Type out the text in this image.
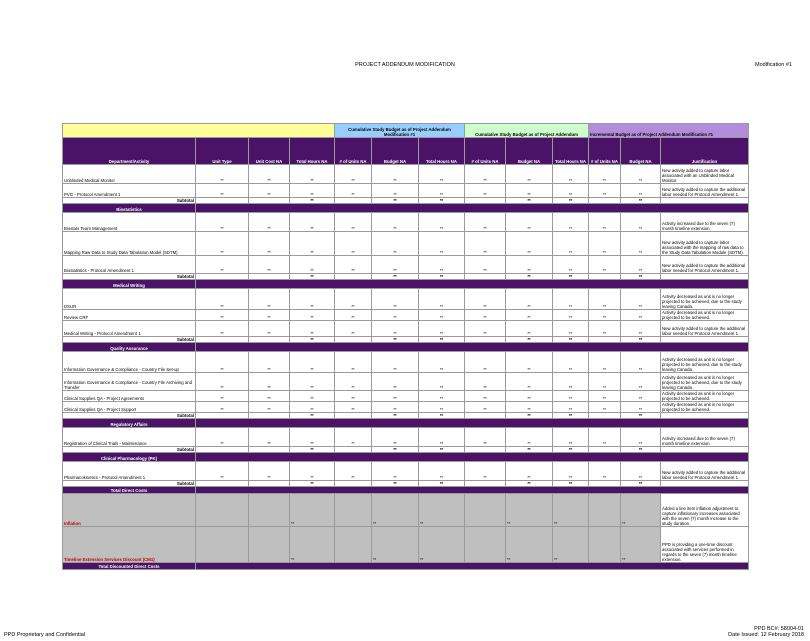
PROJECT ADDENDUM MODIFICATION	Modification #1
				Cumulative Study Budget as of Project Addendum Modification #1			Cumulative Study Budget as of Project Addendum			Incremental Budget as of Project Addendum Modification #1		
Department/Activity	Unit Type	Unit Cost NA	Total Hours NA	# of Units NA	Budget NA	Total Hours NA	# of Units NA	Budget NA	Total Hours NA	# of Units NA	Budget NA	Justification
Unblinded Medical Monitor	**	**	**	**	**	**	**	**	**	**	**	New activity added to capture labor associated with an Unblinded Medical Monitor.
PVG - Protocol Amendment 1	**	**	**	**	**	**	**	**	**	**	**	New activity added to capture the additional labor needed for Protocol Amendment 1.
Subtotal			**		**	**		**	**		**	
Biostatistics												
Biostats Team Management	**	**	**	**	**	**	**	**	**	**	**	Activity increased due to the seven (7) month timeline extension.
Mapping Raw Data to Study Data Tabulation Model (SDTM)	**	**	**	**	**	**	**	**	**	**	**	New activity added to capture labor associated with the mapping of raw data to the Study Data Tabulation Module (SDTM).
Biostatistics - Protocol Amendment 1	**	**	**	**	**	**	**	**	**	**	**	New activity added to capture the additional labor needed for Protocol Amendment 1.
Subtotal			**		**	**		**	**		**	
Medical Writing												
DSUR	**	**	**	**	**	**	**	**	**	**	**	Activity decreased as unit is no longer projected to be achieved, due to the study leaving Canada.
Review CRF	**	**	**	**	**	**	**	**	**	**	**	Activity decreased as unit is no longer projected to be achieved.
Medical Writing - Protocol Amendment 1	**	**	**	**	**	**	**	**	**	**	**	New activity added to capture the additional labor needed for Protocol Amendment 1.
Subtotal			**		**	**		**	**		**	
Quality Assurance												
Information Governance & Compliance - Country File Set-up	**	**	**	**	**	**	**	**	**	**	**	Activity decreased as unit is no longer projected to be achieved, due to the study leaving Canada.
Information Governance & Compliance - Country File Archiving and Transfer	**	**	**	**	**	**	**	**	**	**	**	Activity decreased as unit is no longer projected to be achieved, due to the study leaving Canada.
Clinical Supplies QA - Project Agreements	**	**	**	**	**	**	**	**	**	**	**	Activity decreased as unit is no longer projected to be achieved.
Clinical Supplies QA - Project Support	**	**	**	**	**	**	**	**	**	**	**	Activity decreased as unit is no longer projected to be achieved.
Subtotal			**		**	**		**	**		**	
Regulatory Affairs												
Registration of Clinical Trials - Maintenance	**	**	**	**	**	**	**	**	**	**	**	Activity increased due to the seven (7) month timeline extension.
Subtotal			**		**	**		**	**		**	
Clinical Pharmacology (PK)												
Pharmacokinetics - Protocol Amendment 1	**	**	**	**	**	**	**	**	**	**	**	New activity added to capture the additional labor needed for Protocol Amendment 1.
Subtotal			**		**	**		**	**		**	
Total Direct Costs												
Inflation			**		**	**		**	**		**	Added a line item inflation adjustment to capture inflationary increases associated with the seven (7) month increase to the study duration.
Timeline Extension Services Discount (CM1)			**		**	**		**	**		**	PPD is providing a one-time discount associated with services performed in regards to the seven (7) month timeline extension.
Total Discounted Direct Costs												
PPD Proprietary and Confidential
PPD BC#: 58004-01
Date Issued: 12 February 2018
